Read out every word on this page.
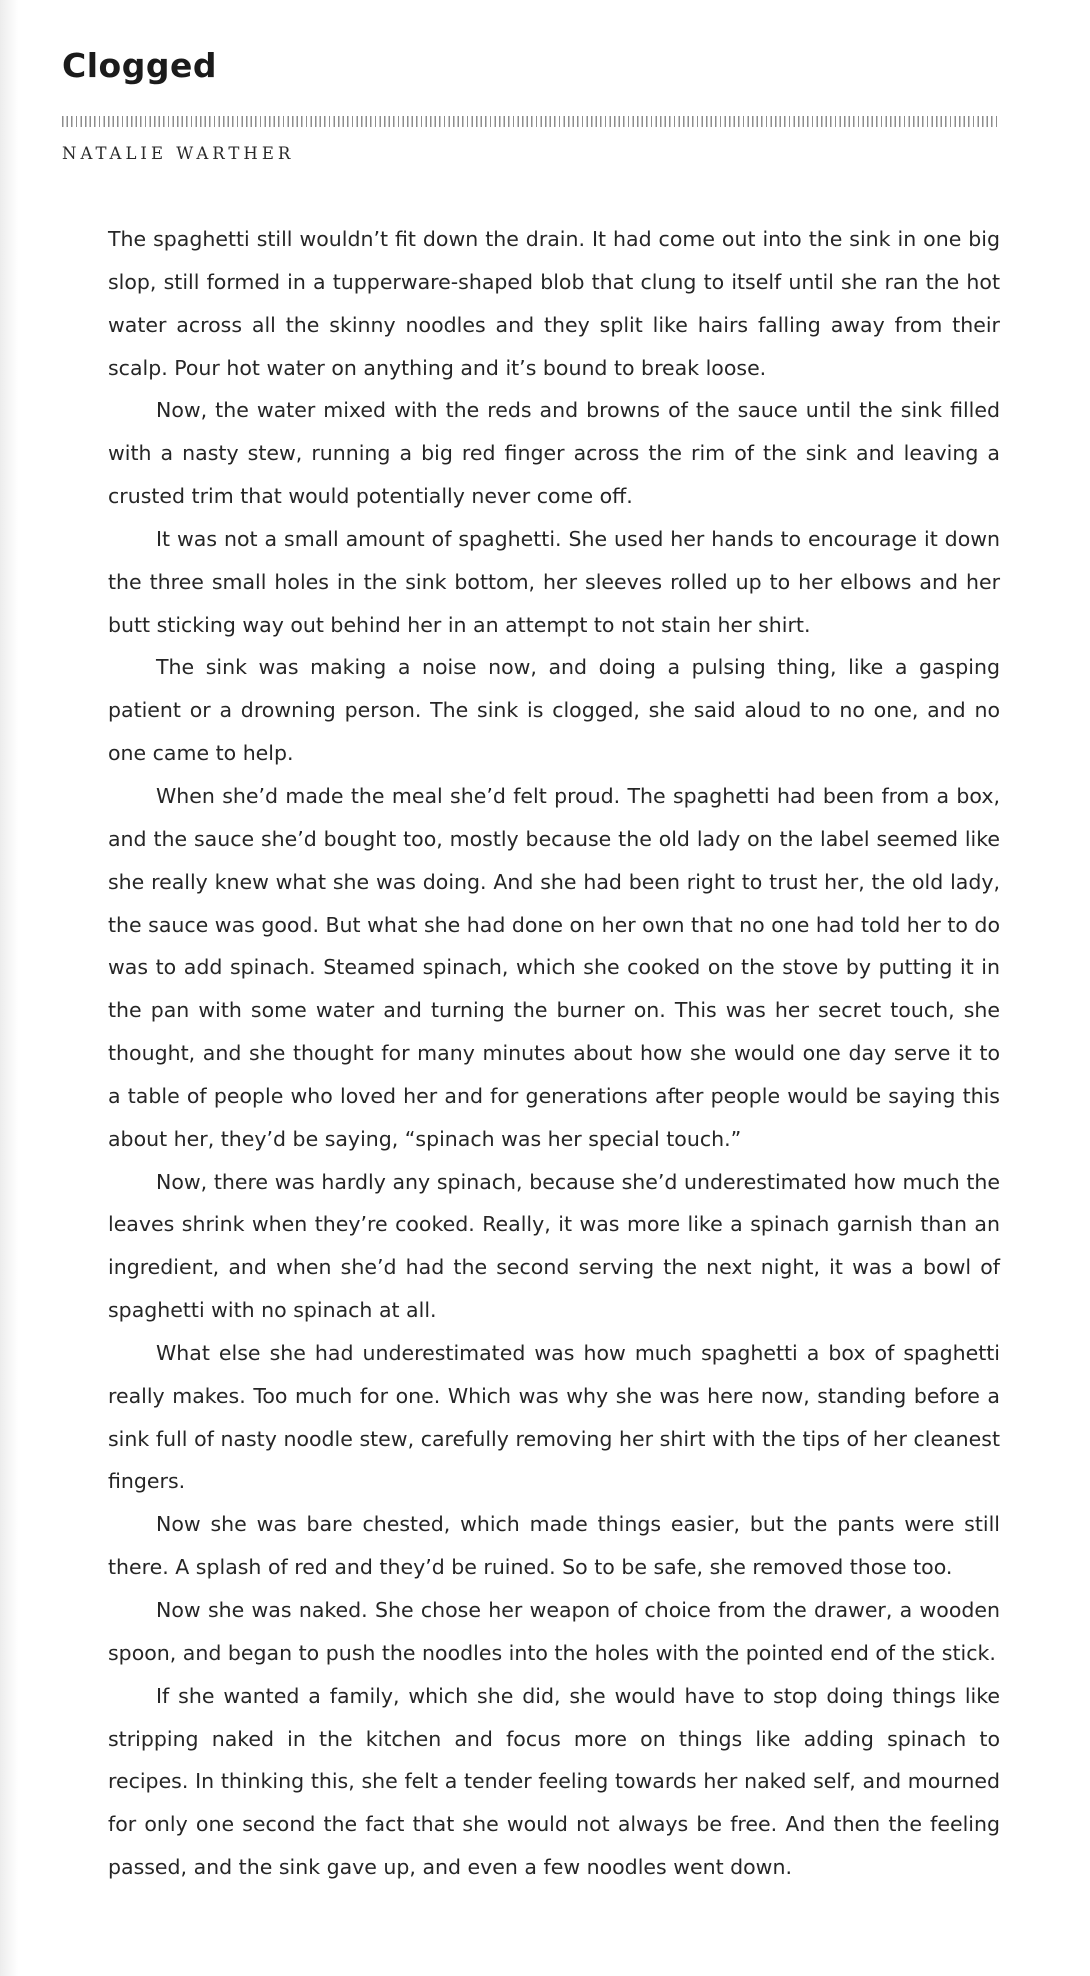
Clogged
NATALIE WARTHER

The spaghetti still wouldn’t fit down the drain. It had come out into the sink in one big slop, still formed in a tupperware-shaped blob that clung to itself until she ran the hot water across all the skinny noodles and they split like hairs falling away from their scalp. Pour hot water on anything and it’s bound to break loose.

Now, the water mixed with the reds and browns of the sauce until the sink filled with a nasty stew, running a big red finger across the rim of the sink and leaving a crusted trim that would potentially never come off.

It was not a small amount of spaghetti. She used her hands to encourage it down the three small holes in the sink bottom, her sleeves rolled up to her elbows and her butt sticking way out behind her in an attempt to not stain her shirt.

The sink was making a noise now, and doing a pulsing thing, like a gasping patient or a drowning person. The sink is clogged, she said aloud to no one, and no one came to help.

When she’d made the meal she’d felt proud. The spaghetti had been from a box, and the sauce she’d bought too, mostly because the old lady on the label seemed like she really knew what she was doing. And she had been right to trust her, the old lady, the sauce was good. But what she had done on her own that no one had told her to do was to add spinach. Steamed spinach, which she cooked on the stove by putting it in the pan with some water and turning the burner on. This was her secret touch, she thought, and she thought for many minutes about how she would one day serve it to a table of people who loved her and for generations after people would be saying this about her, they’d be saying, “spinach was her special touch.”

Now, there was hardly any spinach, because she’d underestimated how much the leaves shrink when they’re cooked. Really, it was more like a spinach garnish than an ingredient, and when she’d had the second serving the next night, it was a bowl of spaghetti with no spinach at all.

What else she had underestimated was how much spaghetti a box of spaghetti really makes. Too much for one. Which was why she was here now, standing before a sink full of nasty noodle stew, carefully removing her shirt with the tips of her cleanest fingers.

Now she was bare chested, which made things easier, but the pants were still there. A splash of red and they’d be ruined. So to be safe, she removed those too.

Now she was naked. She chose her weapon of choice from the drawer, a wooden spoon, and began to push the noodles into the holes with the pointed end of the stick.

If she wanted a family, which she did, she would have to stop doing things like stripping naked in the kitchen and focus more on things like adding spinach to recipes. In thinking this, she felt a tender feeling towards her naked self, and mourned for only one second the fact that she would not always be free. And then the feeling passed, and the sink gave up, and even a few noodles went down.
